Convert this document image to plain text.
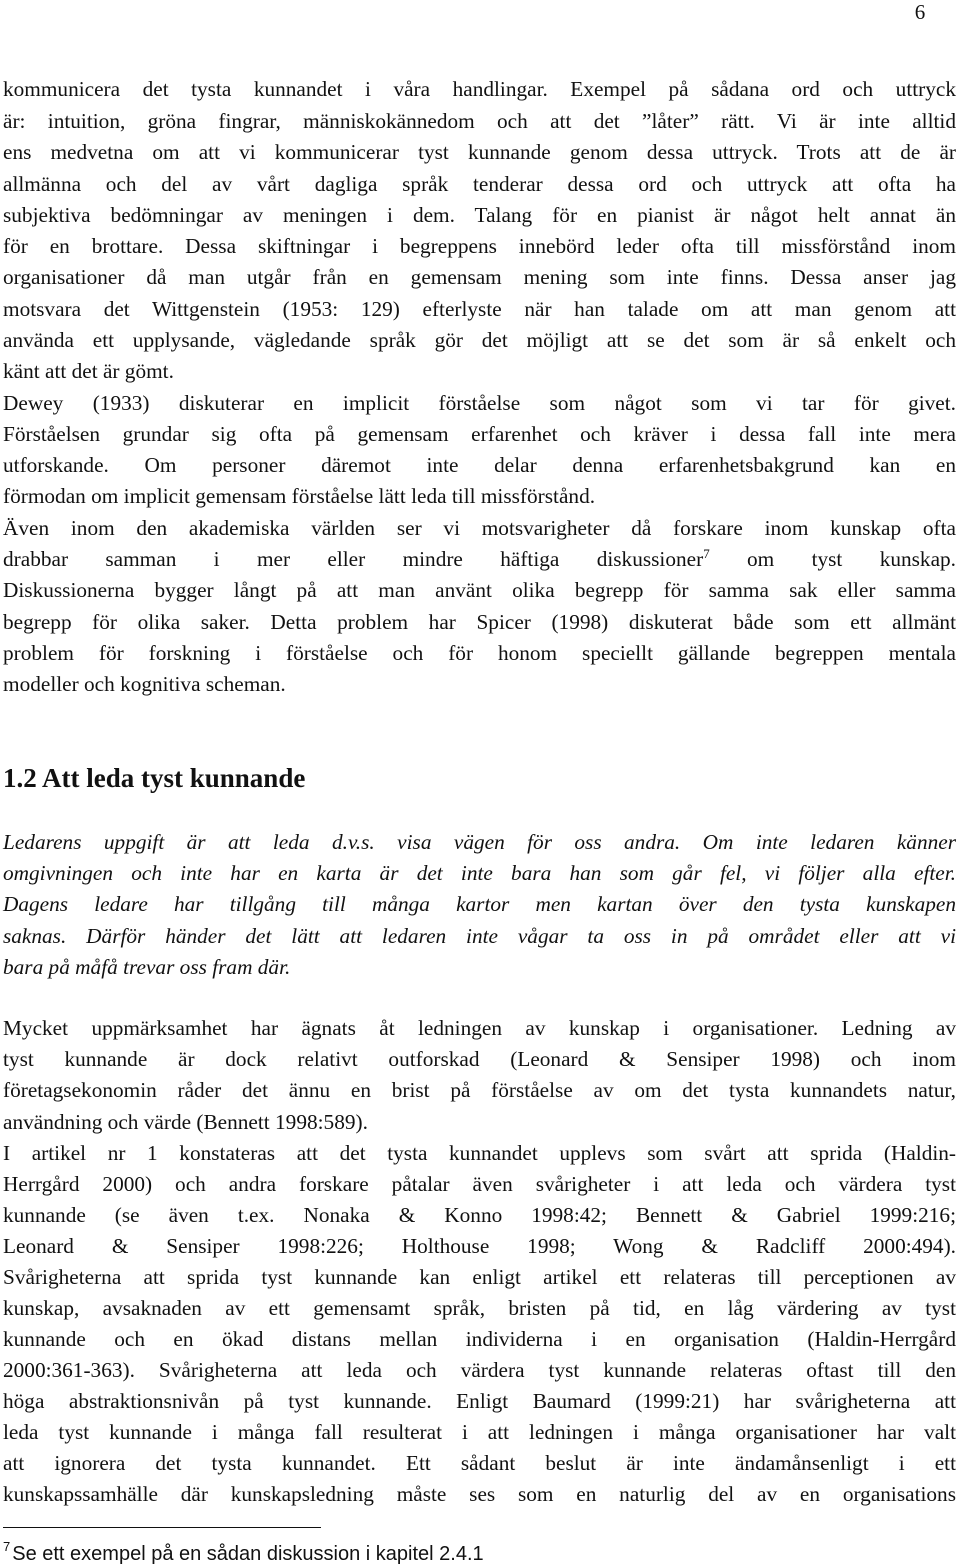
6
kommunicera det tysta kunnandet i våra handlingar. Exempel på sådana ord och uttryck
är: intuition, gröna fingrar, människokännedom och att det ”låter” rätt. Vi är inte alltid
ens medvetna om att vi kommunicerar tyst kunnande genom dessa uttryck. Trots att de är
allmänna och del av vårt dagliga språk tenderar dessa ord och uttryck att ofta ha
subjektiva bedömningar av meningen i dem. Talang för en pianist är något helt annat än
för en brottare. Dessa skiftningar i begreppens innebörd leder ofta till missförstånd inom
organisationer då man utgår från en gemensam mening som inte finns. Dessa anser jag
motsvara det Wittgenstein (1953: 129) efterlyste när han talade om att man genom att
använda ett upplysande, vägledande språk gör det möjligt att se det som är så enkelt och
känt att det är gömt.
Dewey (1933) diskuterar en implicit förståelse som något som vi tar för givet.
Förståelsen grundar sig ofta på gemensam erfarenhet och kräver i dessa fall inte mera
utforskande. Om personer däremot inte delar denna erfarenhetsbakgrund kan en
förmodan om implicit gemensam förståelse lätt leda till missförstånd.
Även inom den akademiska världen ser vi motsvarigheter då forskare inom kunskap ofta
drabbar samman i mer eller mindre häftiga diskussioner$^7$ om tyst kunskap.
Diskussionerna bygger långt på att man använt olika begrepp för samma sak eller samma
begrepp för olika saker. Detta problem har Spicer (1998) diskuterat både som ett allmänt
problem för forskning i förståelse och för honom speciellt gällande begreppen mentala
modeller och kognitiva scheman.
1.2 Att leda tyst kunnande
Ledarens uppgift är att leda d.v.s. visa vägen för oss andra. Om inte ledaren känner
omgivningen och inte har en karta är det inte bara han som går fel, vi följer alla efter.
Dagens ledare har tillgång till många kartor men kartan över den tysta kunskapen
saknas. Därför händer det lätt att ledaren inte vågar ta oss in på området eller att vi
bara på måfå trevar oss fram där.
Mycket uppmärksamhet har ägnats åt ledningen av kunskap i organisationer. Ledning av
tyst kunnande är dock relativt outforskad (Leonard & Sensiper 1998) och inom
företagsekonomin råder det ännu en brist på förståelse av om det tysta kunnandets natur,
användning och värde (Bennett 1998:589).
I artikel nr 1 konstateras att det tysta kunnandet upplevs som svårt att sprida (Haldin-
Herrgård 2000) och andra forskare påtalar även svårigheter i att leda och värdera tyst
kunnande (se även t.ex. Nonaka & Konno 1998:42; Bennett & Gabriel 1999:216;
Leonard & Sensiper 1998:226; Holthouse 1998; Wong & Radcliff 2000:494).
Svårigheterna att sprida tyst kunnande kan enligt artikel ett relateras till perceptionen av
kunskap, avsaknaden av ett gemensamt språk, bristen på tid, en låg värdering av tyst
kunnande och en ökad distans mellan individerna i en organisation (Haldin-Herrgård
2000:361-363). Svårigheterna att leda och värdera tyst kunnande relateras oftast till den
höga abstraktionsnivån på tyst kunnande. Enligt Baumard (1999:21) har svårigheterna att
leda tyst kunnande i många fall resulterat i att ledningen i många organisationer har valt
att ignorera det tysta kunnandet. Ett sådant beslut är inte ändamånsenligt i ett
kunskapssamhälle där kunskapsledning måste ses som en naturlig del av en organisations
$^7$ Se ett exempel på en sådan diskussion i kapitel 2.4.1
